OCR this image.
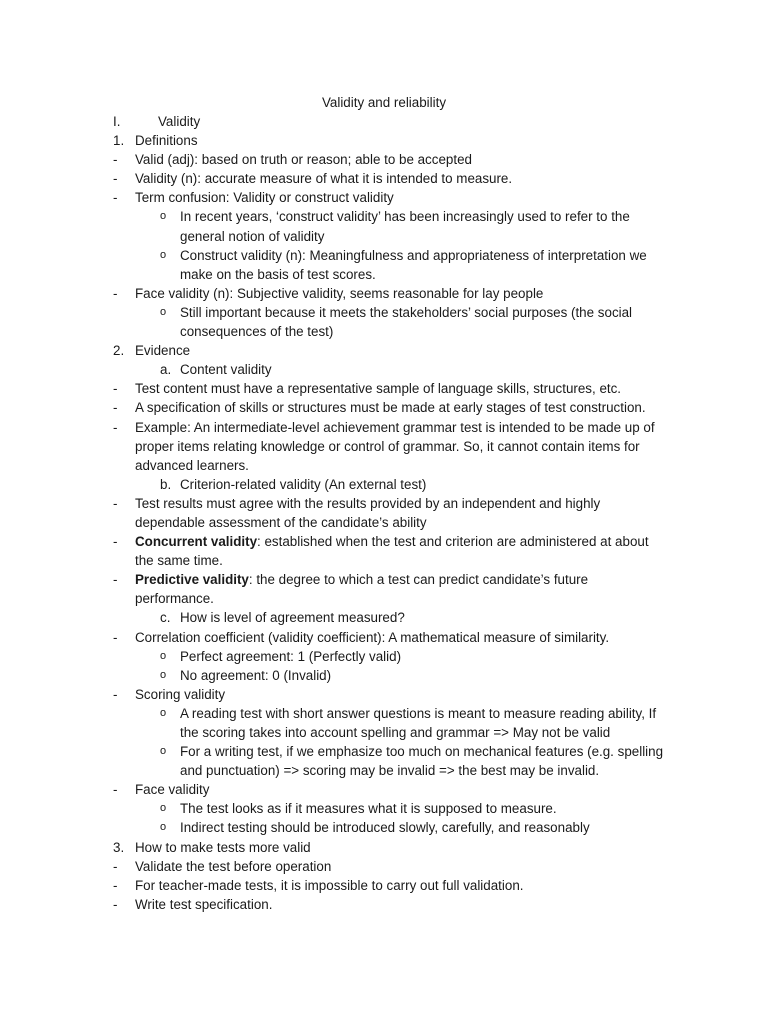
Validity and reliability
I.	Validity
1. Definitions
- Valid (adj): based on truth or reason; able to be accepted
- Validity (n): accurate measure of what it is intended to measure.
- Term confusion: Validity or construct validity
o In recent years, ‘construct validity’ has been increasingly used to refer to the
general notion of validity
o Construct validity (n): Meaningfulness and appropriateness of interpretation we
make on the basis of test scores.
- Face validity (n): Subjective validity, seems reasonable for lay people
o Still important because it meets the stakeholders’ social purposes (the social
consequences of the test)
2. Evidence
a. Content validity
- Test content must have a representative sample of language skills, structures, etc.
- A specification of skills or structures must be made at early stages of test construction.
- Example: An intermediate-level achievement grammar test is intended to be made up of
proper items relating knowledge or control of grammar. So, it cannot contain items for
advanced learners.
b. Criterion-related validity (An external test)
- Test results must agree with the results provided by an independent and highly
dependable assessment of the candidate’s ability
- Concurrent validity: established when the test and criterion are administered at about
the same time.
- Predictive validity: the degree to which a test can predict candidate’s future
performance.
c. How is level of agreement measured?
- Correlation coefficient (validity coefficient): A mathematical measure of similarity.
o Perfect agreement: 1 (Perfectly valid)
o No agreement: 0 (Invalid)
- Scoring validity
o A reading test with short answer questions is meant to measure reading ability, If
the scoring takes into account spelling and grammar => May not be valid
o For a writing test, if we emphasize too much on mechanical features (e.g. spelling
and punctuation) => scoring may be invalid => the best may be invalid.
- Face validity
o The test looks as if it measures what it is supposed to measure.
o Indirect testing should be introduced slowly, carefully, and reasonably
3. How to make tests more valid
- Validate the test before operation
- For teacher-made tests, it is impossible to carry out full validation.
- Write test specification.
